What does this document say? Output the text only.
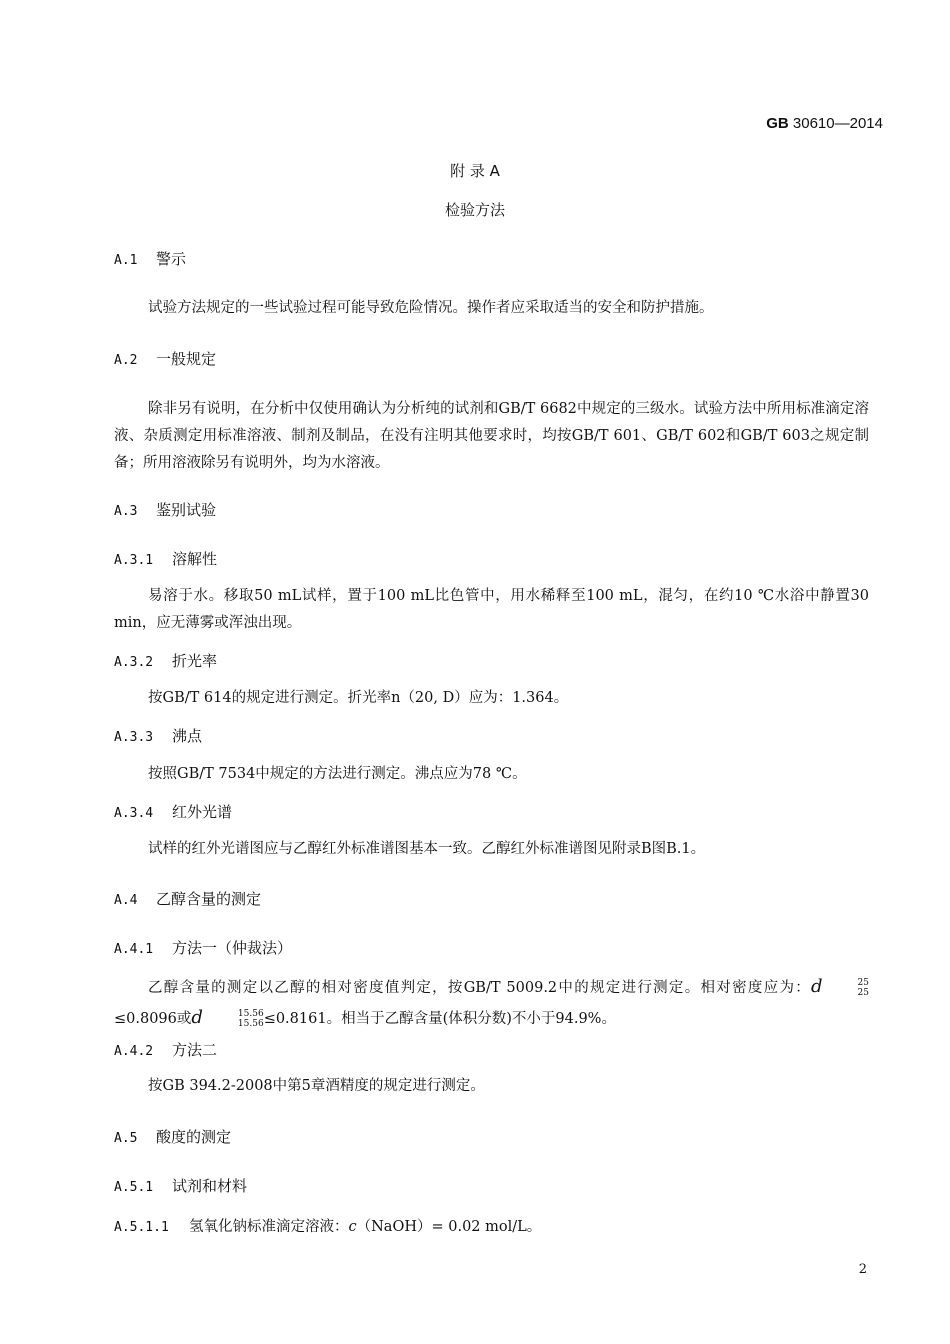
GB 30610—2014
附 录 A
检验方法
A.1 警示
试验方法规定的一些试验过程可能导致危险情况。操作者应采取适当的安全和防护措施。
A.2 一般规定
除非另有说明，在分析中仅使用确认为分析纯的试剂和GB/T 6682中规定的三级水。试验方法中所用标准滴定溶液、杂质测定用标准溶液、制剂及制品，在没有注明其他要求时，均按GB/T 601、GB/T 602和GB/T 603之规定制备；所用溶液除另有说明外，均为水溶液。
A.3 鉴别试验
A.3.1 溶解性
易溶于水。移取50 mL试样，置于100 mL比色管中，用水稀释至100 mL，混匀，在约10 ℃水浴中静置30 min，应无薄雾或浑浊出现。
A.3.2 折光率
按GB/T 614的规定进行测定。折光率n（20, D）应为：1.364。
A.3.3 沸点
按照GB/T 7534中规定的方法进行测定。沸点应为78 ℃。
A.3.4 红外光谱
试样的红外光谱图应与乙醇红外标准谱图基本一致。乙醇红外标准谱图见附录B图B.1。
A.4 乙醇含量的测定
A.4.1 方法一（仲裁法）
乙醇含量的测定以乙醇的相对密度值判定，按GB/T 5009.2中的规定进行测定。相对密度应为：d	25
25
≤0.8096或d	15.56
15.56 ≤0.8161。相当于乙醇含量(体积分数)不小于94.9%。
A.4.2 方法二
按GB 394.2-2008中第5章酒精度的规定进行测定。
A.5 酸度的测定
A.5.1 试剂和材料
A.5.1.1 氢氧化钠标准滴定溶液：c（NaOH）= 0.02 mol/L。
2
